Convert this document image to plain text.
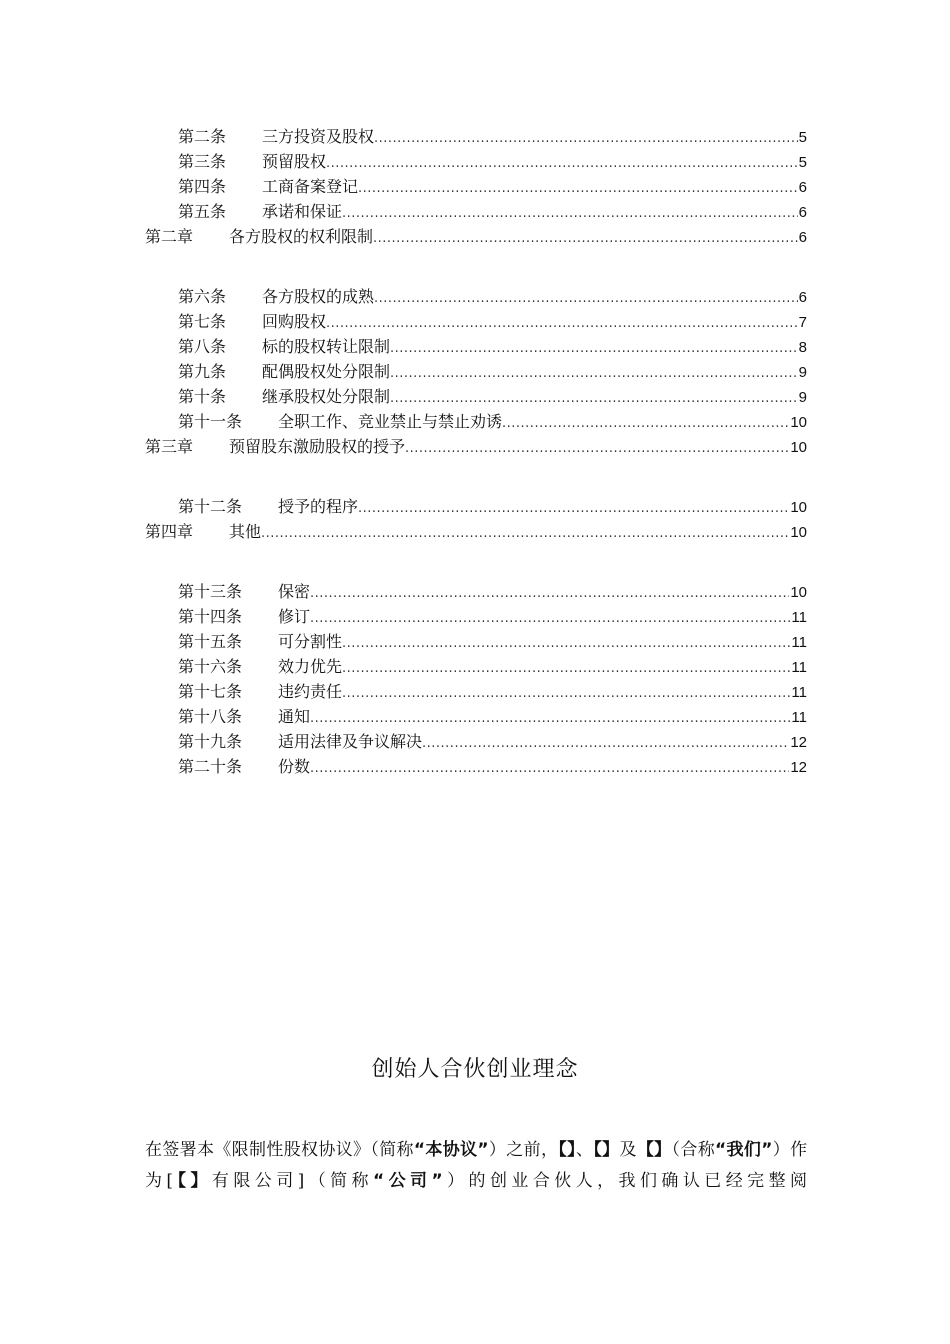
第二条	三方投资及股权 .....	5
第三条	预留股权 .....	5
第四条	工商备案登记 .....	6
第五条	承诺和保证 .....	6
第二章	各方股权的权利限制 .....	6
第六条	各方股权的成熟 .....	6
第七条	回购股权 .....	7
第八条	标的股权转让限制 .....	8
第九条	配偶股权处分限制 .....	9
第十条	继承股权处分限制 .....	9
第十一条	全职工作、竞业禁止与禁止劝诱 .....	10
第三章	预留股东激励股权的授予 .....	10
第十二条	授予的程序 .....	10
第四章	其他 .....	10
第十三条	保密 .....	10
第十四条	修订 .....	11
第十五条	可分割性 .....	11
第十六条	效力优先 .....	11
第十七条	违约责任 .....	11
第十八条	通知 .....	11
第十九条	适用法律及争议解决 .....	12
第二十条	份数 .....	12
创始人合伙创业理念
在签署本《限制性股权协议》（简称“本协议”）之前，【】、【】及【】（合称“我们”）作为[【】有限公司]（简称“公司”）的创业合伙人，我们确认已经完整阅
